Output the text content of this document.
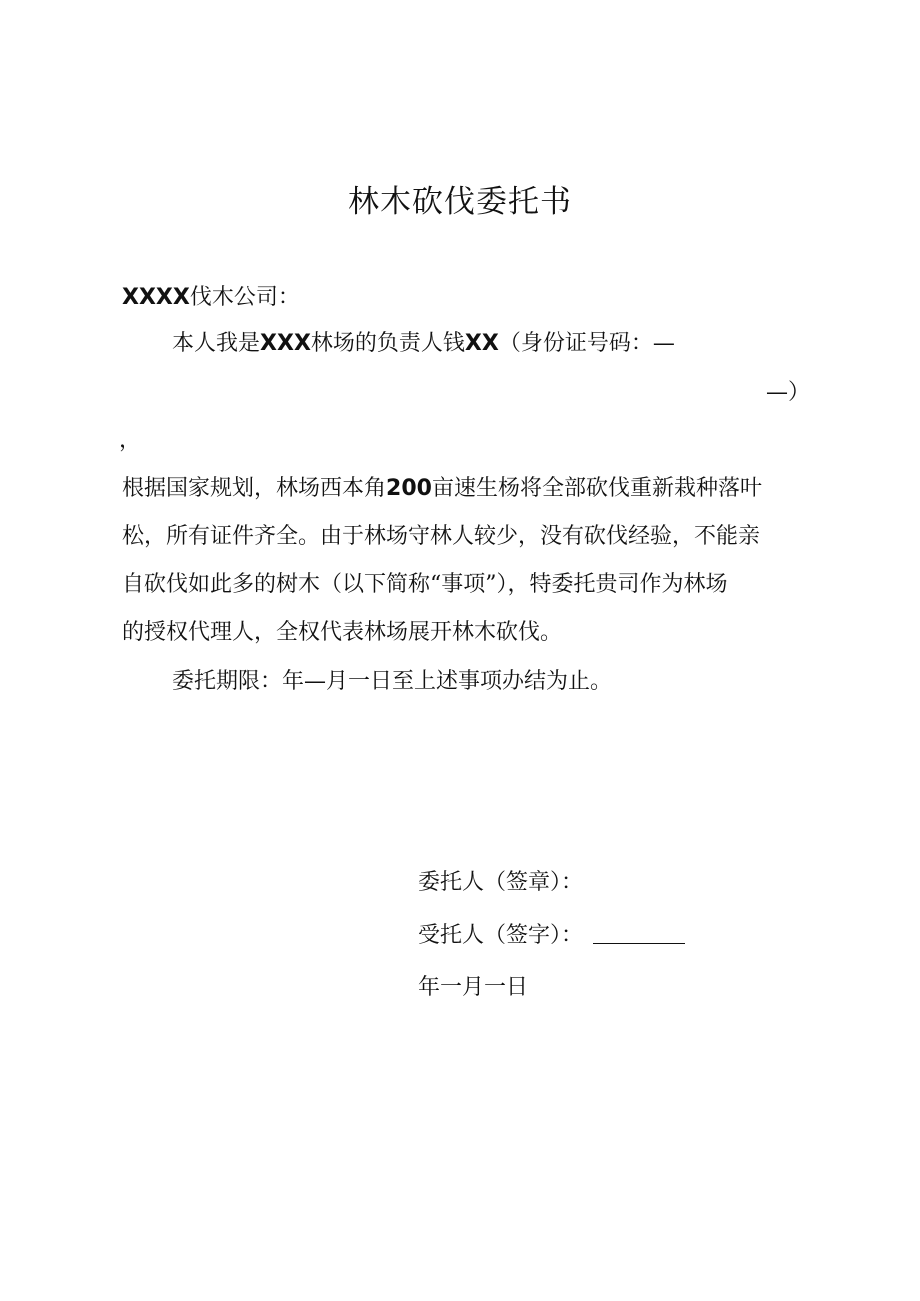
林木砍伐委托书
XXXX伐木公司：
本人我是XXX林场的负责人钱XX（身份证号码：—
—）
，
根据国家规划，林场西本角200亩速生杨将全部砍伐重新栽种落叶
松，所有证件齐全。由于林场守林人较少，没有砍伐经验，不能亲
自砍伐如此多的树木（以下简称“事项”），特委托贵司作为林场
的授权代理人，全权代表林场展开林木砍伐。
委托期限：年—月一日至上述事项办结为止。
委托人（签章）：
受托人（签字）：
年一月一日
